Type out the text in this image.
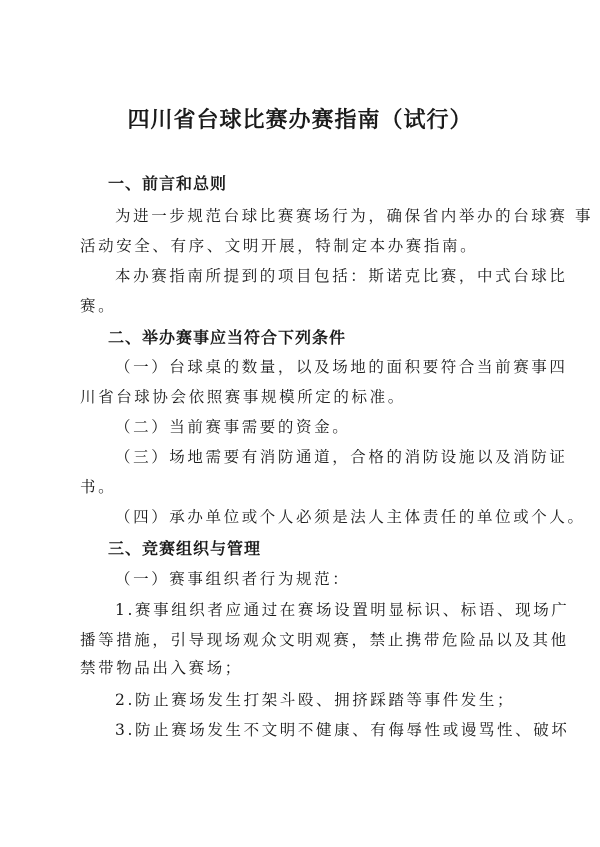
四川省台球比赛办赛指南（试行）
一、前言和总则
为进一步规范台球比赛赛场行为，确保省内举办的台球赛 事
活动安全、有序、文明开展，特制定本办赛指南。
本办赛指南所提到的项目包括：斯诺克比赛，中式台球比
赛。
二、举办赛事应当符合下列条件
（一）台球桌的数量，以及场地的面积要符合当前赛事四
川省台球协会依照赛事规模所定的标准。
（二）当前赛事需要的资金。
（三）场地需要有消防通道，合格的消防设施以及消防证
书。
（四）承办单位或个人必须是法人主体责任的单位或个人。
三、竞赛组织与管理
（一）赛事组织者行为规范：
1.赛事组织者应通过在赛场设置明显标识、标语、现场广
播等措施，引导现场观众文明观赛，禁止携带危险品以及其他
禁带物品出入赛场；
2.防止赛场发生打架斗殴、拥挤踩踏等事件发生；
3.防止赛场发生不文明不健康、有侮辱性或谩骂性、破坏
